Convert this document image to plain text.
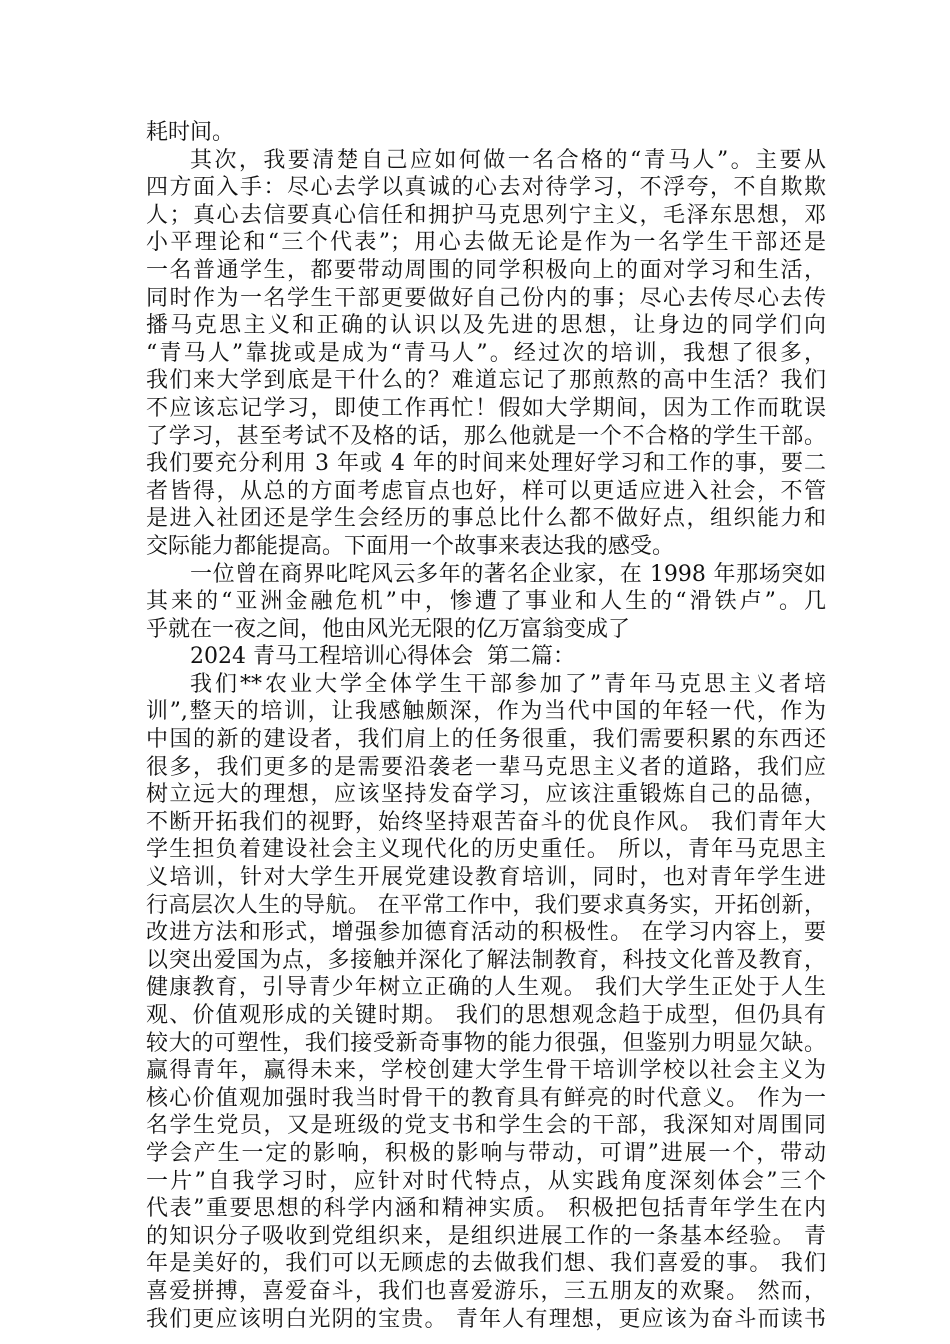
耗时间。
其次，我要清楚自己应如何做一名合格的“青马人”。主要从
四方面入手：尽心去学以真诚的心去对待学习，不浮夸，不自欺欺
人；真心去信要真心信任和拥护马克思列宁主义，毛泽东思想，邓
小平理论和“三个代表”；用心去做无论是作为一名学生干部还是
一名普通学生，都要带动周围的同学积极向上的面对学习和生活，
同时作为一名学生干部更要做好自己份内的事；尽心去传尽心去传
播马克思主义和正确的认识以及先进的思想，让身边的同学们向
“青马人”靠拢或是成为“青马人”。经过次的培训，我想了很多，
我们来大学到底是干什么的？难道忘记了那煎熬的高中生活？我们
不应该忘记学习，即使工作再忙！假如大学期间，因为工作而耽误
了学习，甚至考试不及格的话，那么他就是一个不合格的学生干部。
我们要充分利用 3 年或 4 年的时间来处理好学习和工作的事，要二
者皆得，从总的方面考虑盲点也好，样可以更适应进入社会，不管
是进入社团还是学生会经历的事总比什么都不做好点，组织能力和
交际能力都能提高。下面用一个故事来表达我的感受。
一位曾在商界叱咤风云多年的著名企业家，在 1998 年那场突如
其来的“亚洲金融危机”中，惨遭了事业和人生的“滑铁卢”。几
乎就在一夜之间，他由风光无限的亿万富翁变成了
2024 青马工程培训心得体会  第二篇：
我们**农业大学全体学生干部参加了”青年马克思主义者培
训”,整天的培训，让我感触颇深，作为当代中国的年轻一代，作为
中国的新的建设者，我们肩上的任务很重，我们需要积累的东西还
很多，我们更多的是需要沿袭老一辈马克思主义者的道路，我们应
树立远大的理想，应该坚持发奋学习，应该注重锻炼自己的品德，
不断开拓我们的视野，始终坚持艰苦奋斗的优良作风。 我们青年大
学生担负着建设社会主义现代化的历史重任。 所以，青年马克思主
义培训，针对大学生开展党建设教育培训，同时，也对青年学生进
行高层次人生的导航。 在平常工作中，我们要求真务实，开拓创新，
改进方法和形式，增强参加德育活动的积极性。 在学习内容上，要
以突出爱国为点，多接触并深化了解法制教育，科技文化普及教育，
健康教育，引导青少年树立正确的人生观。 我们大学生正处于人生
观、价值观形成的关键时期。 我们的思想观念趋于成型，但仍具有
较大的可塑性，我们接受新奇事物的能力很强，但鉴别力明显欠缺。
赢得青年，赢得未来，学校创建大学生骨干培训学校以社会主义为
核心价值观加强时我当时骨干的教育具有鲜亮的时代意义。 作为一
名学生党员，又是班级的党支书和学生会的干部，我深知对周围同
学会产生一定的影响，积极的影响与带动，可谓”进展一个，带动
一片”自我学习时，应针对时代特点，从实践角度深刻体会”三个
代表”重要思想的科学内涵和精神实质。 积极把包括青年学生在内
的知识分子吸收到党组织来，是组织进展工作的一条基本经验。 青
年是美好的，我们可以无顾虑的去做我们想、我们喜爱的事。 我们
喜爱拼搏，喜爱奋斗，我们也喜爱游乐，三五朋友的欢聚。 然而，
我们更应该明白光阴的宝贵。 青年人有理想，更应该为奋斗而读书
